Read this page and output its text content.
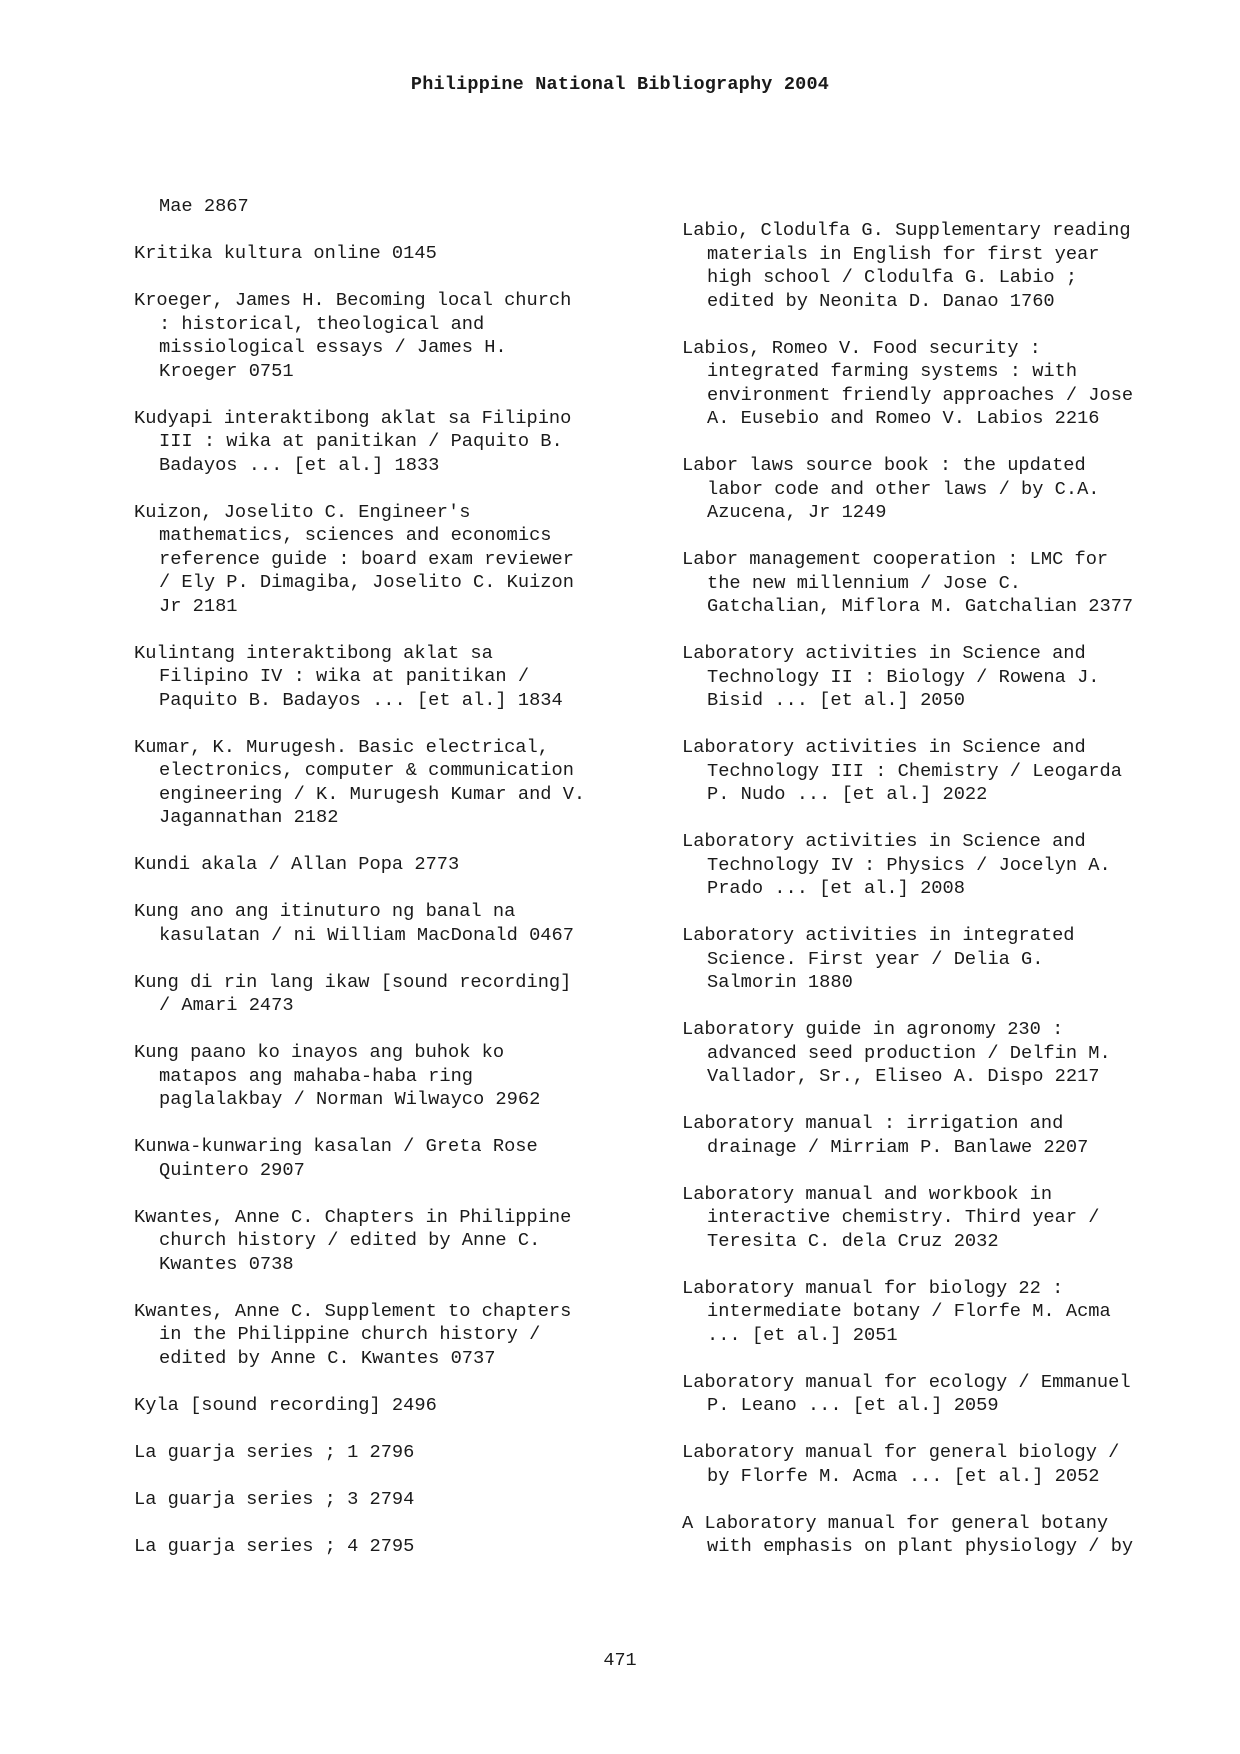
Philippine National Bibliography 2004
Mae 2867
Kritika kultura online 0145
Kroeger, James H. Becoming local church
: historical, theological and
missiological essays / James H.
Kroeger 0751
Kudyapi interaktibong aklat sa Filipino
III : wika at panitikan / Paquito B.
Badayos ... [et al.] 1833
Kuizon, Joselito C. Engineer's
mathematics, sciences and economics
reference guide : board exam reviewer
/ Ely P. Dimagiba, Joselito C. Kuizon
Jr 2181
Kulintang interaktibong aklat sa
Filipino IV : wika at panitikan /
Paquito B. Badayos ... [et al.] 1834
Kumar, K. Murugesh. Basic electrical,
electronics, computer & communication
engineering / K. Murugesh Kumar and V.
Jagannathan 2182
Kundi akala / Allan Popa 2773
Kung ano ang itinuturo ng banal na
kasulatan / ni William MacDonald 0467
Kung di rin lang ikaw [sound recording]
/ Amari 2473
Kung paano ko inayos ang buhok ko
matapos ang mahaba-haba ring
paglalakbay / Norman Wilwayco 2962
Kunwa-kunwaring kasalan / Greta Rose
Quintero 2907
Kwantes, Anne C. Chapters in Philippine
church history / edited by Anne C.
Kwantes 0738
Kwantes, Anne C. Supplement to chapters
in the Philippine church history /
edited by Anne C. Kwantes 0737
Kyla [sound recording] 2496
La guarja series ; 1 2796
La guarja series ; 3 2794
La guarja series ; 4 2795
Labio, Clodulfa G. Supplementary reading
materials in English for first year
high school / Clodulfa G. Labio ;
edited by Neonita D. Danao 1760
Labios, Romeo V. Food security :
integrated farming systems : with
environment friendly approaches / Jose
A. Eusebio and Romeo V. Labios 2216
Labor laws source book : the updated
labor code and other laws / by C.A.
Azucena, Jr 1249
Labor management cooperation : LMC for
the new millennium / Jose C.
Gatchalian, Miflora M. Gatchalian 2377
Laboratory activities in Science and
Technology II : Biology / Rowena J.
Bisid ... [et al.] 2050
Laboratory activities in Science and
Technology III : Chemistry / Leogarda
P. Nudo ... [et al.] 2022
Laboratory activities in Science and
Technology IV : Physics / Jocelyn A.
Prado ... [et al.] 2008
Laboratory activities in integrated
Science. First year / Delia G.
Salmorin 1880
Laboratory guide in agronomy 230 :
advanced seed production / Delfin M.
Vallador, Sr., Eliseo A. Dispo 2217
Laboratory manual : irrigation and
drainage / Mirriam P. Banlawe 2207
Laboratory manual and workbook in
interactive chemistry. Third year /
Teresita C. dela Cruz 2032
Laboratory manual for biology 22 :
intermediate botany / Florfe M. Acma
... [et al.] 2051
Laboratory manual for ecology / Emmanuel
P. Leano ... [et al.] 2059
Laboratory manual for general biology /
by Florfe M. Acma ... [et al.] 2052
A Laboratory manual for general botany
with emphasis on plant physiology / by
471
